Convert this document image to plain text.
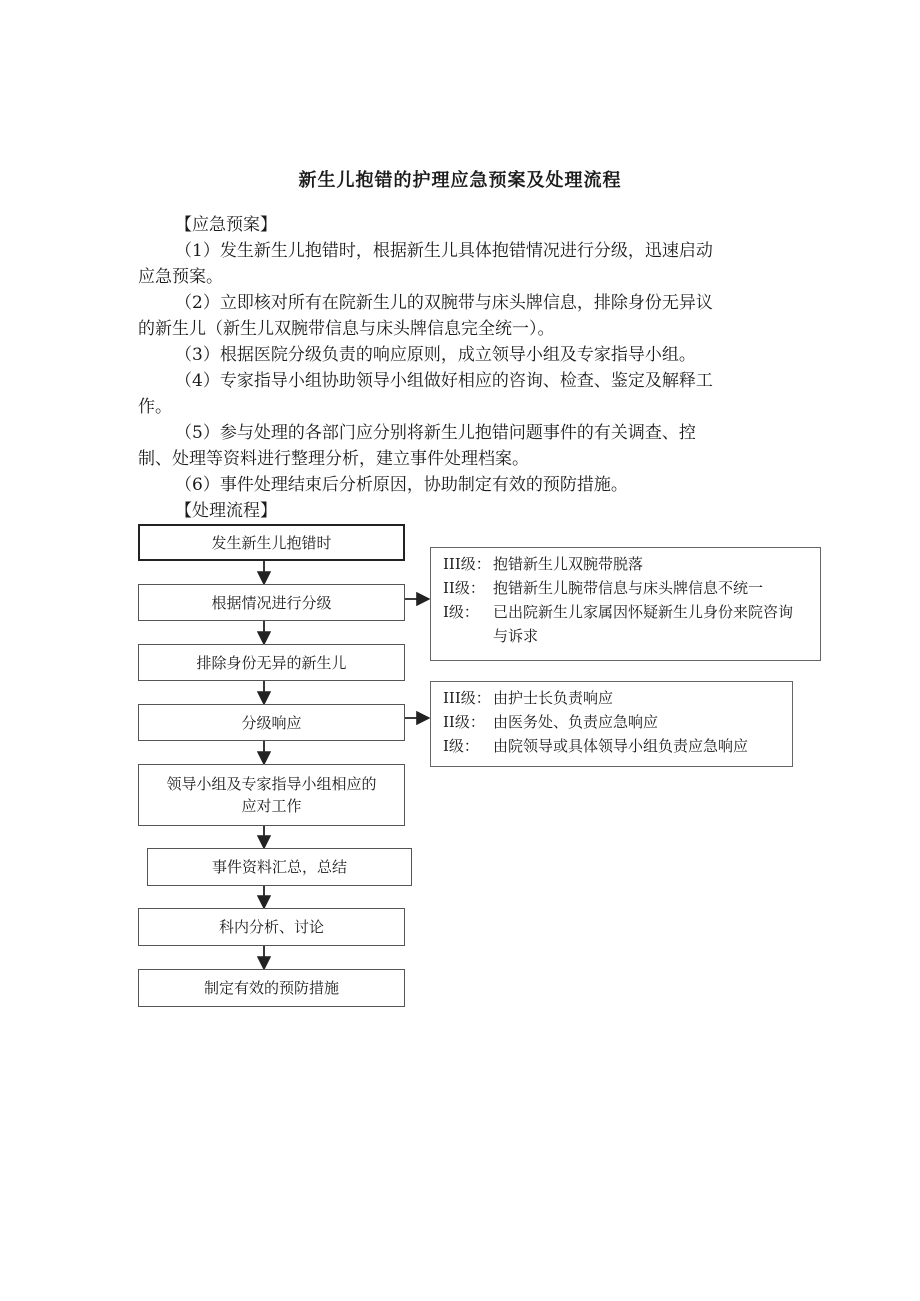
新生儿抱错的护理应急预案及处理流程
【应急预案】
（1）发生新生儿抱错时，根据新生儿具体抱错情况进行分级，迅速启动
应急预案。
（2）立即核对所有在院新生儿的双腕带与床头牌信息，排除身份无异议
的新生儿（新生儿双腕带信息与床头牌信息完全统一）。
（3）根据医院分级负责的响应原则，成立领导小组及专家指导小组。
（4）专家指导小组协助领导小组做好相应的咨询、检查、鉴定及解释工
作。
（5）参与处理的各部门应分别将新生儿抱错问题事件的有关调查、控
制、处理等资料进行整理分析，建立事件处理档案。
（6）事件处理结束后分析原因，协助制定有效的预防措施。
【处理流程】
发生新生儿抱错时
根据情况进行分级
排除身份无异的新生儿
分级响应
领导小组及专家指导小组相应的
应对工作
事件资料汇总，总结
科内分析、讨论
制定有效的预防措施
III级： 抱错新生儿双腕带脱落
II级： 抱错新生儿腕带信息与床头牌信息不统一
I级： 已出院新生儿家属因怀疑新生儿身份来院咨询与诉求
III级： 由护士长负责响应
II级： 由医务处、负责应急响应
I级： 由院领导或具体领导小组负责应急响应
